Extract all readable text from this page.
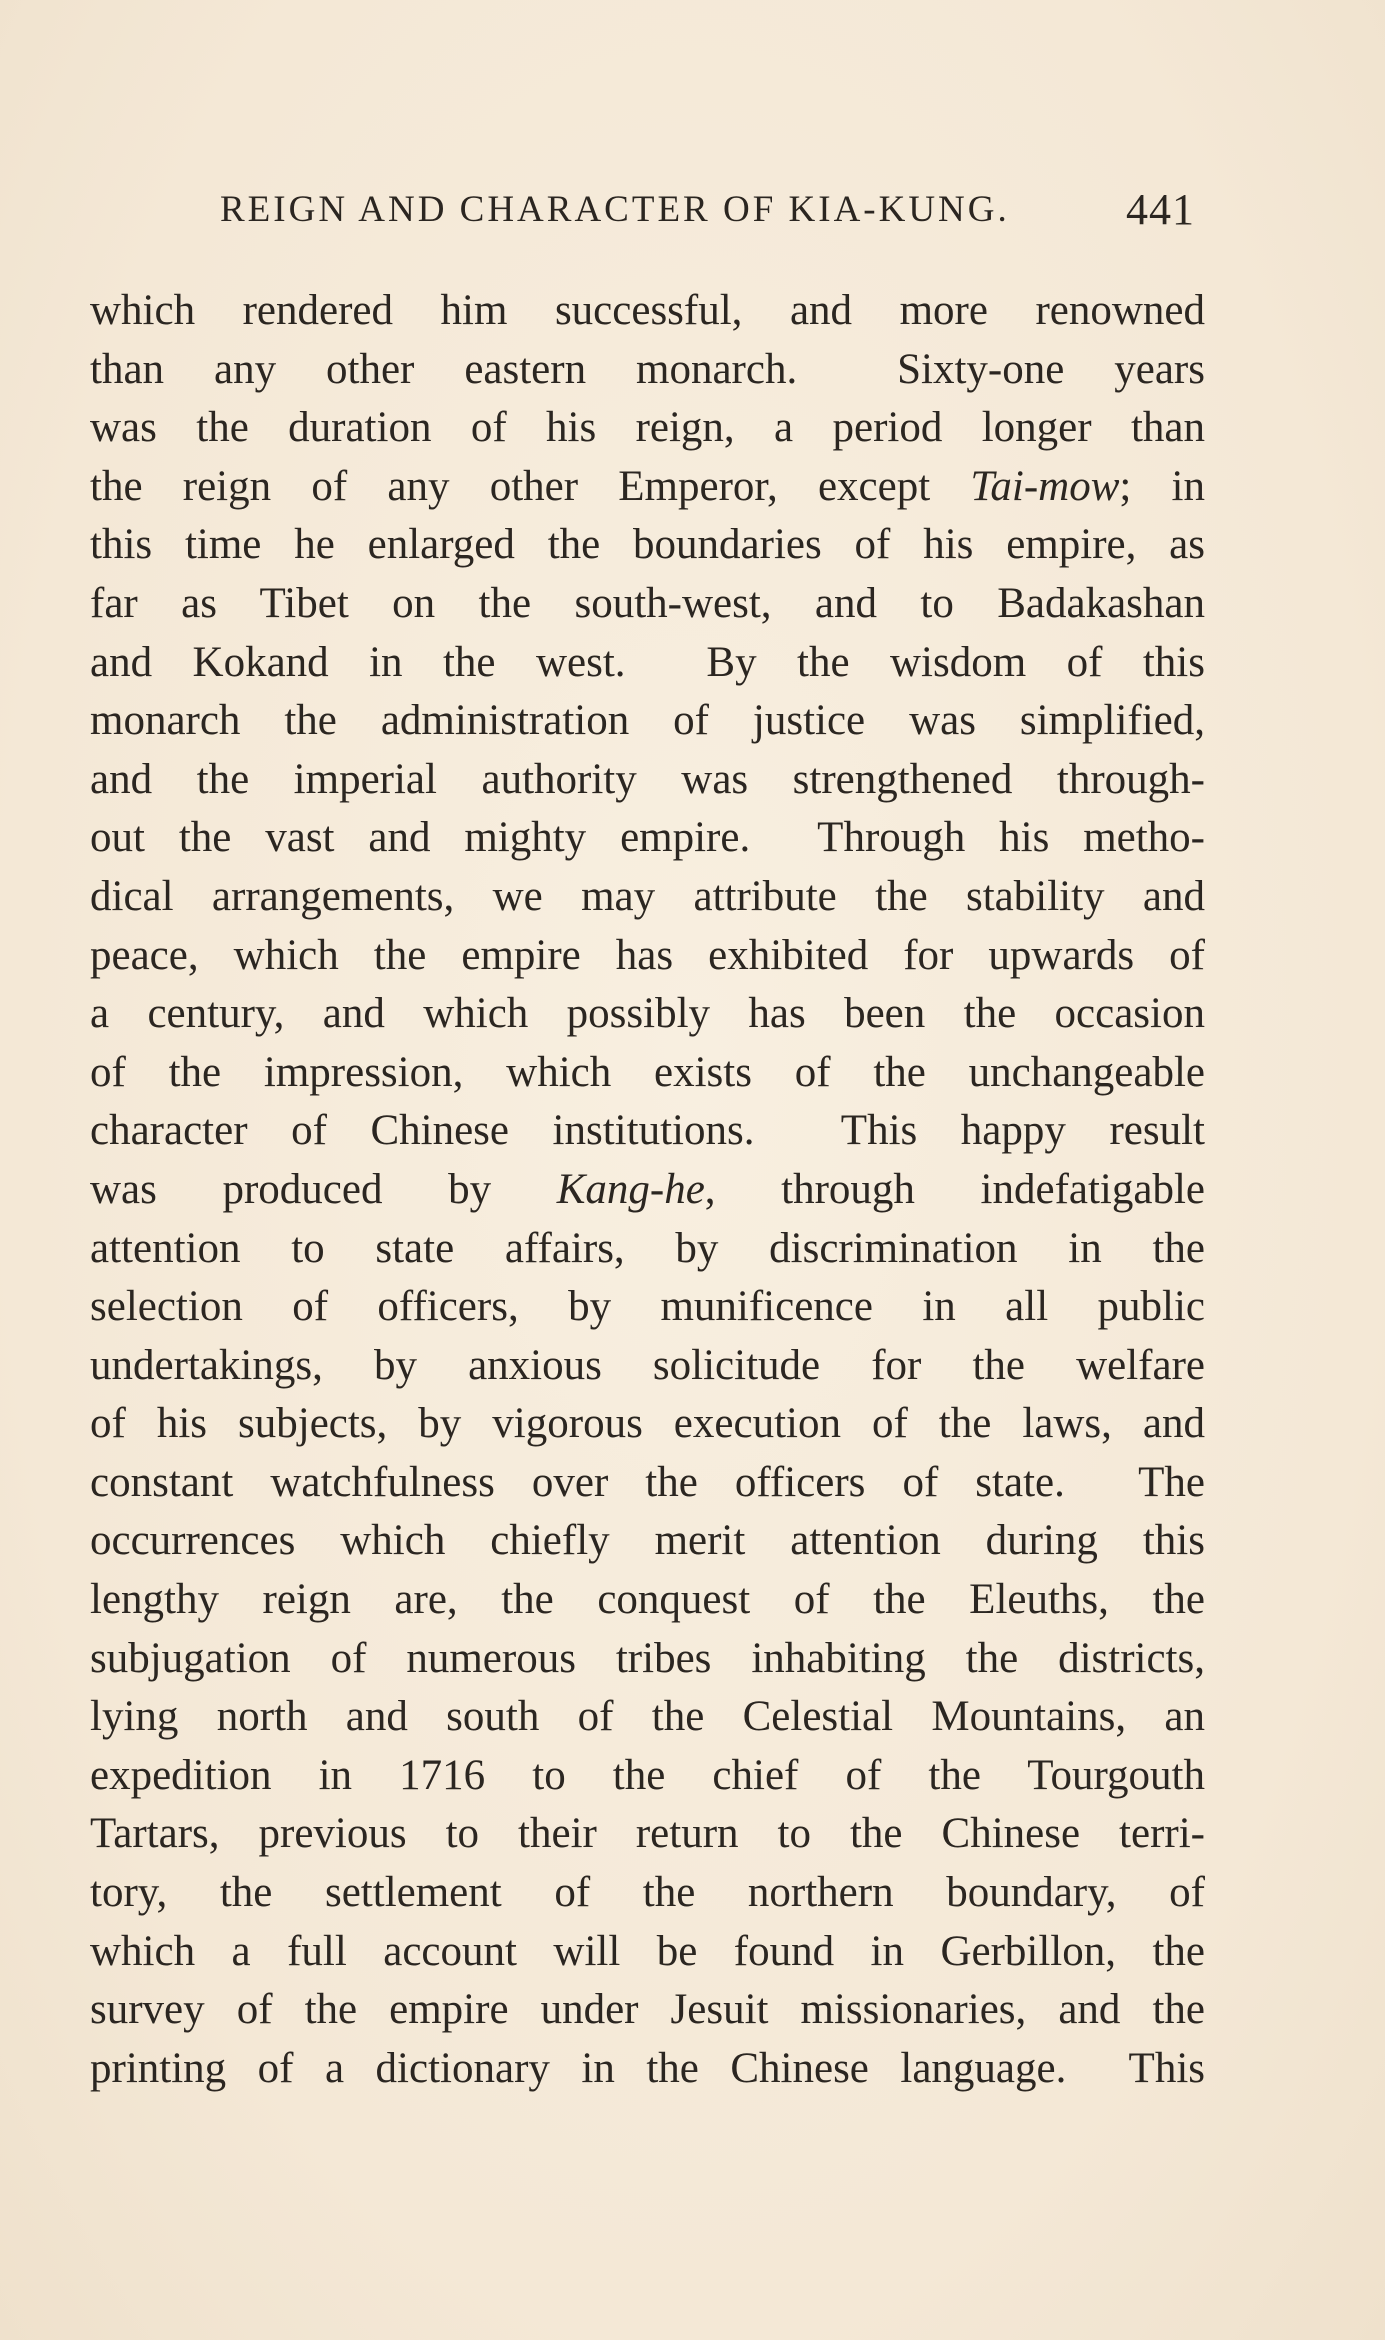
REIGN AND CHARACTER OF KIA-KUNG.	441
which rendered him successful, and more renowned
than any other eastern monarch.  Sixty-one years
was the duration of his reign, a period longer than
the reign of any other Emperor, except Tai-mow; in
this time he enlarged the boundaries of his empire, as
far as Tibet on the south-west, and to Badakashan
and Kokand in the west.  By the wisdom of this
monarch the administration of justice was simplified,
and the imperial authority was strengthened through-
out the vast and mighty empire.  Through his metho-
dical arrangements, we may attribute the stability and
peace, which the empire has exhibited for upwards of
a century, and which possibly has been the occasion
of the impression, which exists of the unchangeable
character of Chinese institutions.  This happy result
was produced by Kang-he, through indefatigable
attention to state affairs, by discrimination in the
selection of officers, by munificence in all public
undertakings, by anxious solicitude for the welfare
of his subjects, by vigorous execution of the laws, and
constant watchfulness over the officers of state.  The
occurrences which chiefly merit attention during this
lengthy reign are, the conquest of the Eleuths, the
subjugation of numerous tribes inhabiting the districts,
lying north and south of the Celestial Mountains, an
expedition in 1716 to the chief of the Tourgouth
Tartars, previous to their return to the Chinese terri-
tory, the settlement of the northern boundary, of
which a full account will be found in Gerbillon, the
survey of the empire under Jesuit missionaries, and the
printing of a dictionary in the Chinese language.  This
